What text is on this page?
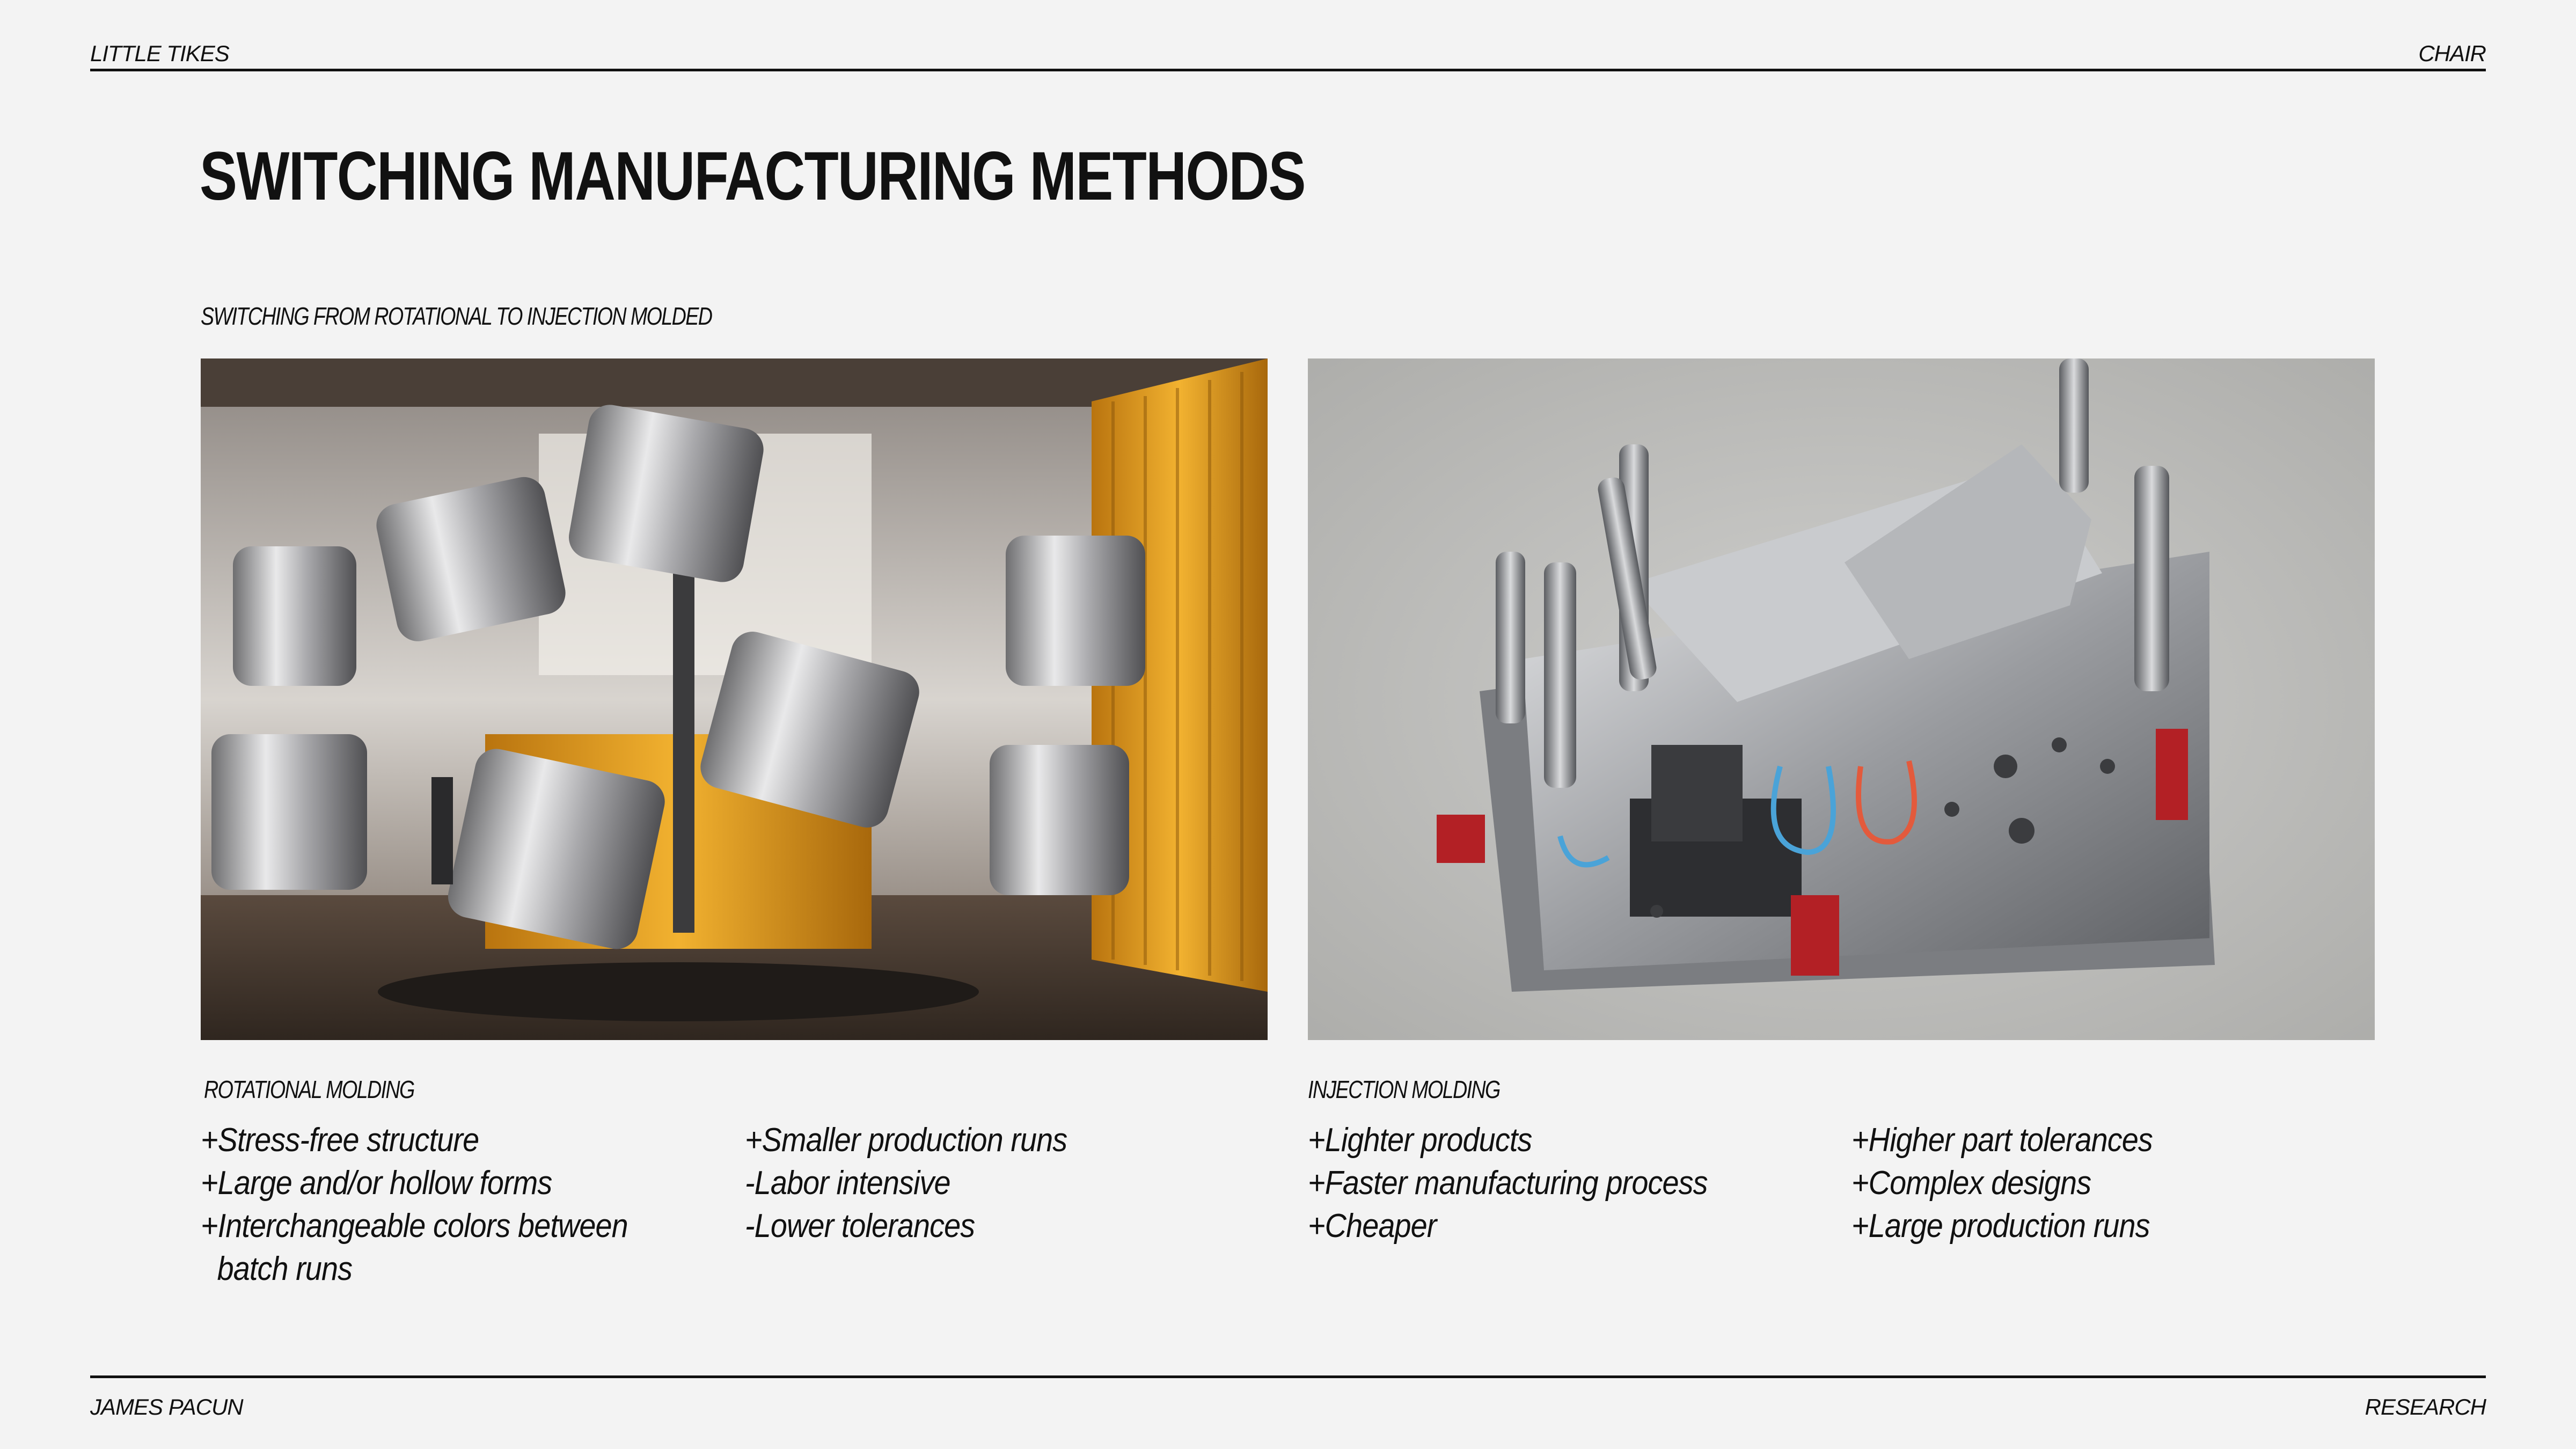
LITTLE TIKES	CHAIR
SWITCHING MANUFACTURING METHODS
SWITCHING FROM ROTATIONAL TO INJECTION MOLDED
ROTATIONAL MOLDING	INJECTION MOLDING
+Stress-free structure
+Large and/or hollow forms
+Interchangeable colors between batch runs
+Smaller production runs
-Labor intensive
-Lower tolerances
+Lighter products
+Faster manufacturing process
+Cheaper
+Higher part tolerances
+Complex designs
+Large production runs
JAMES PACUN	RESEARCH
